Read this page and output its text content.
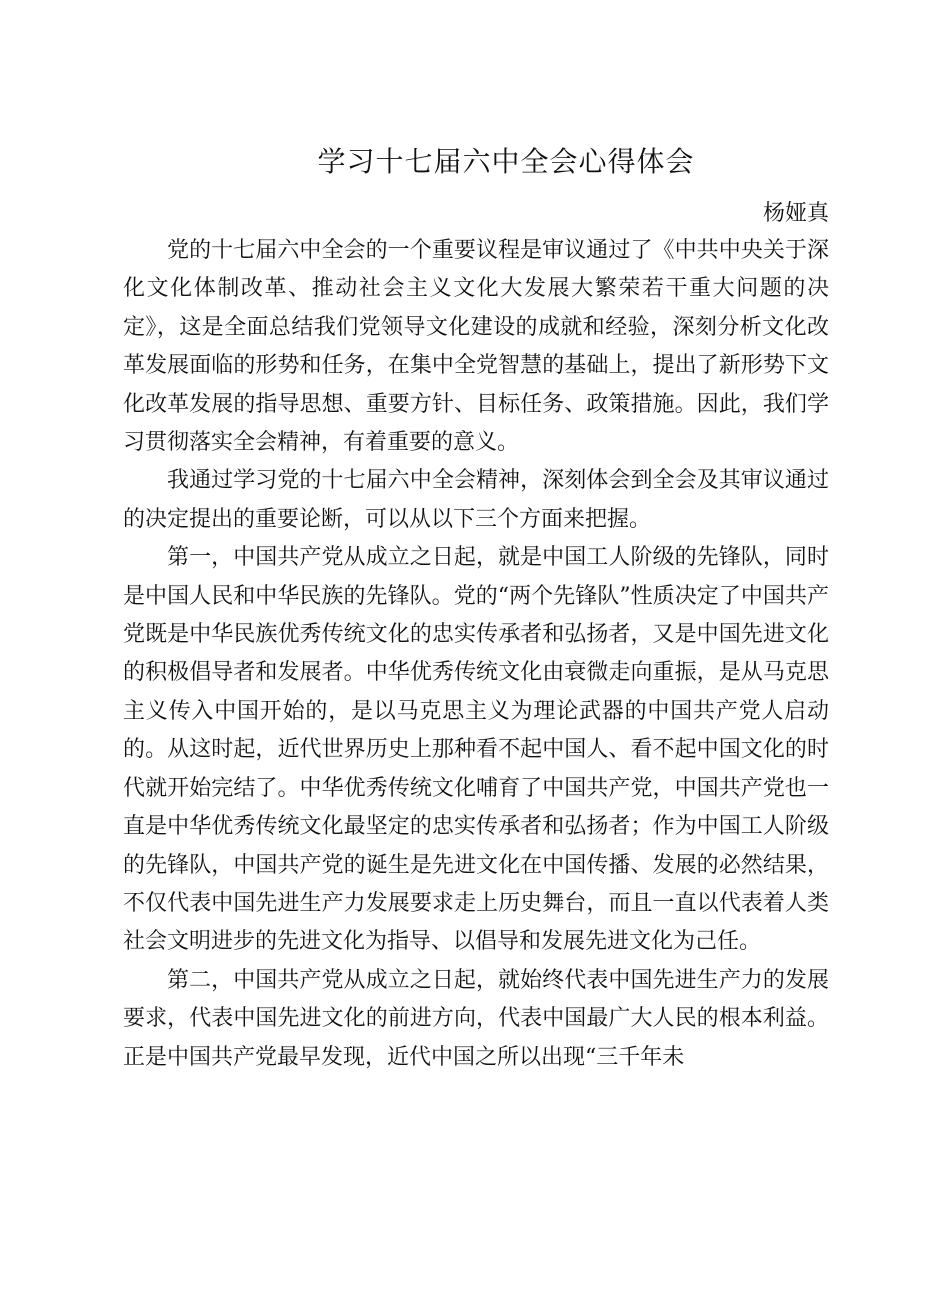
学习十七届六中全会心得体会
杨娅真

党的十七届六中全会的一个重要议程是审议通过了《中共中央关于深化文化体制改革、推动社会主义文化大发展大繁荣若干重大问题的决定》，这是全面总结我们党领导文化建设的成就和经验，深刻分析文化改革发展面临的形势和任务，在集中全党智慧的基础上，提出了新形势下文化改革发展的指导思想、重要方针、目标任务、政策措施。因此，我们学习贯彻落实全会精神，有着重要的意义。

我通过学习党的十七届六中全会精神，深刻体会到全会及其审议通过的决定提出的重要论断，可以从以下三个方面来把握。

第一，中国共产党从成立之日起，就是中国工人阶级的先锋队，同时是中国人民和中华民族的先锋队。党的“两个先锋队”性质决定了中国共产党既是中华民族优秀传统文化的忠实传承者和弘扬者，又是中国先进文化的积极倡导者和发展者。中华优秀传统文化由衰微走向重振，是从马克思主义传入中国开始的，是以马克思主义为理论武器的中国共产党人启动的。从这时起，近代世界历史上那种看不起中国人、看不起中国文化的时代就开始完结了。中华优秀传统文化哺育了中国共产党，中国共产党也一直是中华优秀传统文化最坚定的忠实传承者和弘扬者；作为中国工人阶级的先锋队，中国共产党的诞生是先进文化在中国传播、发展的必然结果，不仅代表中国先进生产力发展要求走上历史舞台，而且一直以代表着人类社会文明进步的先进文化为指导、以倡导和发展先进文化为己任。

第二，中国共产党从成立之日起，就始终代表中国先进生产力的发展要求，代表中国先进文化的前进方向，代表中国最广大人民的根本利益。正是中国共产党最早发现，近代中国之所以出现“三千年未
